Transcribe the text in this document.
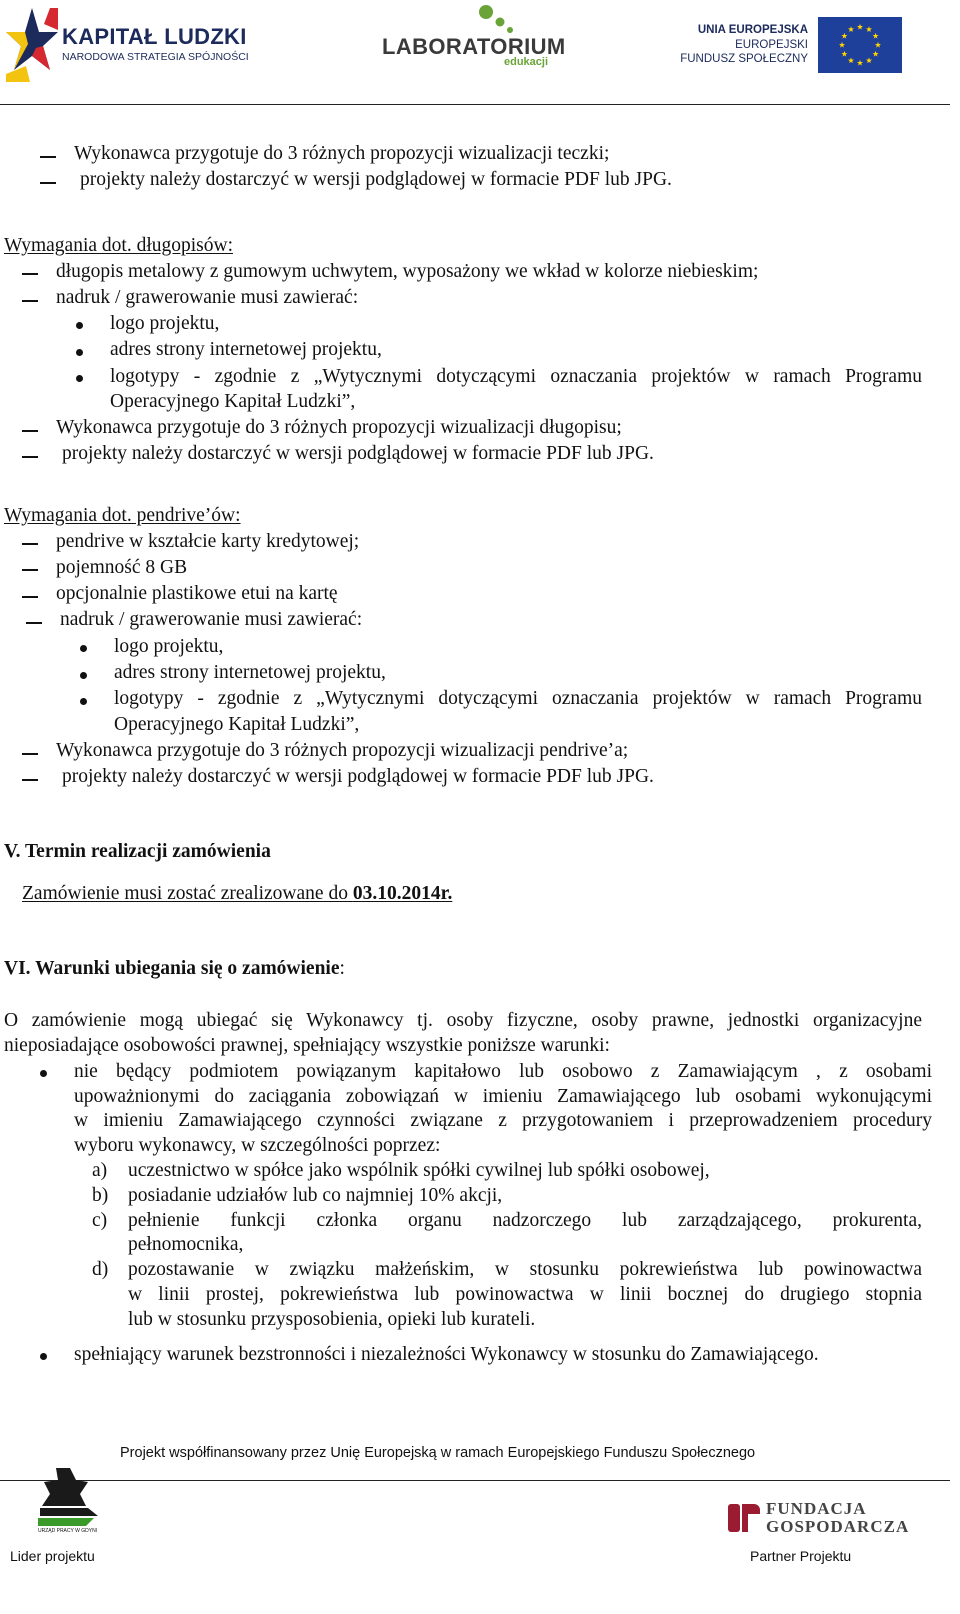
KAPITAŁ LUDZKI
NARODOWA STRATEGIA SPÓJNOŚCI	LABORATORIUM
edukacji
UNIA EUROPEJSKA
EUROPEJSKI
FUNDUSZ SPOŁECZNY
Wykonawca przygotuje do 3 różnych propozycji wizualizacji teczki;
projekty należy dostarczyć w wersji podglądowej w formacie PDF lub JPG.
Wymagania dot. długopisów:
długopis metalowy z gumowym uchwytem, wyposażony we wkład w kolorze niebieskim;
nadruk / grawerowanie musi zawierać:
logo projektu,
adres strony internetowej projektu,
logotypy - zgodnie z „Wytycznymi dotyczącymi oznaczania projektów w ramach Programu
Operacyjnego Kapitał Ludzki”,
Wykonawca przygotuje do 3 różnych propozycji wizualizacji długopisu;
projekty należy dostarczyć w wersji podglądowej w formacie PDF lub JPG.
Wymagania dot. pendrive’ów:
pendrive w kształcie karty kredytowej;
pojemność 8 GB
opcjonalnie plastikowe etui na kartę
nadruk / grawerowanie musi zawierać:
logo projektu,
adres strony internetowej projektu,
logotypy - zgodnie z „Wytycznymi dotyczącymi oznaczania projektów w ramach Programu
Operacyjnego Kapitał Ludzki”,
Wykonawca przygotuje do 3 różnych propozycji wizualizacji pendrive’a;
projekty należy dostarczyć w wersji podglądowej w formacie PDF lub JPG.
V. Termin realizacji zamówienia
Zamówienie musi zostać zrealizowane do 03.10.2014r.
VI. Warunki ubiegania się o zamówienie:
O zamówienie mogą ubiegać się Wykonawcy tj. osoby fizyczne, osoby prawne, jednostki organizacyjne
nieposiadające osobowości prawnej, spełniający wszystkie poniższe warunki:
nie będący podmiotem powiązanym kapitałowo lub osobowo z Zamawiającym , z osobami
upoważnionymi do zaciągania zobowiązań w imieniu Zamawiającego lub osobami wykonującymi
w imieniu Zamawiającego czynności związane z przygotowaniem i przeprowadzeniem procedury
wyboru wykonawcy, w szczególności poprzez:
a) uczestnictwo w spółce jako wspólnik spółki cywilnej lub spółki osobowej,
b) posiadanie udziałów lub co najmniej 10% akcji,
c) pełnienie funkcji członka organu nadzorczego lub zarządzającego, prokurenta,
pełnomocnika,
d) pozostawanie w związku małżeńskim, w stosunku pokrewieństwa lub powinowactwa
w linii prostej, pokrewieństwa lub powinowactwa w linii bocznej do drugiego stopnia
lub w stosunku przysposobienia, opieki lub kurateli.
spełniający warunek bezstronności i niezależności Wykonawcy w stosunku do Zamawiającego.
Projekt współfinansowany przez Unię Europejską w ramach Europejskiego Funduszu Społecznego
URZĄD PRACY W GDYNI
Lider projektu
FUNDACJA
GOSPODARCZA
Partner Projektu
